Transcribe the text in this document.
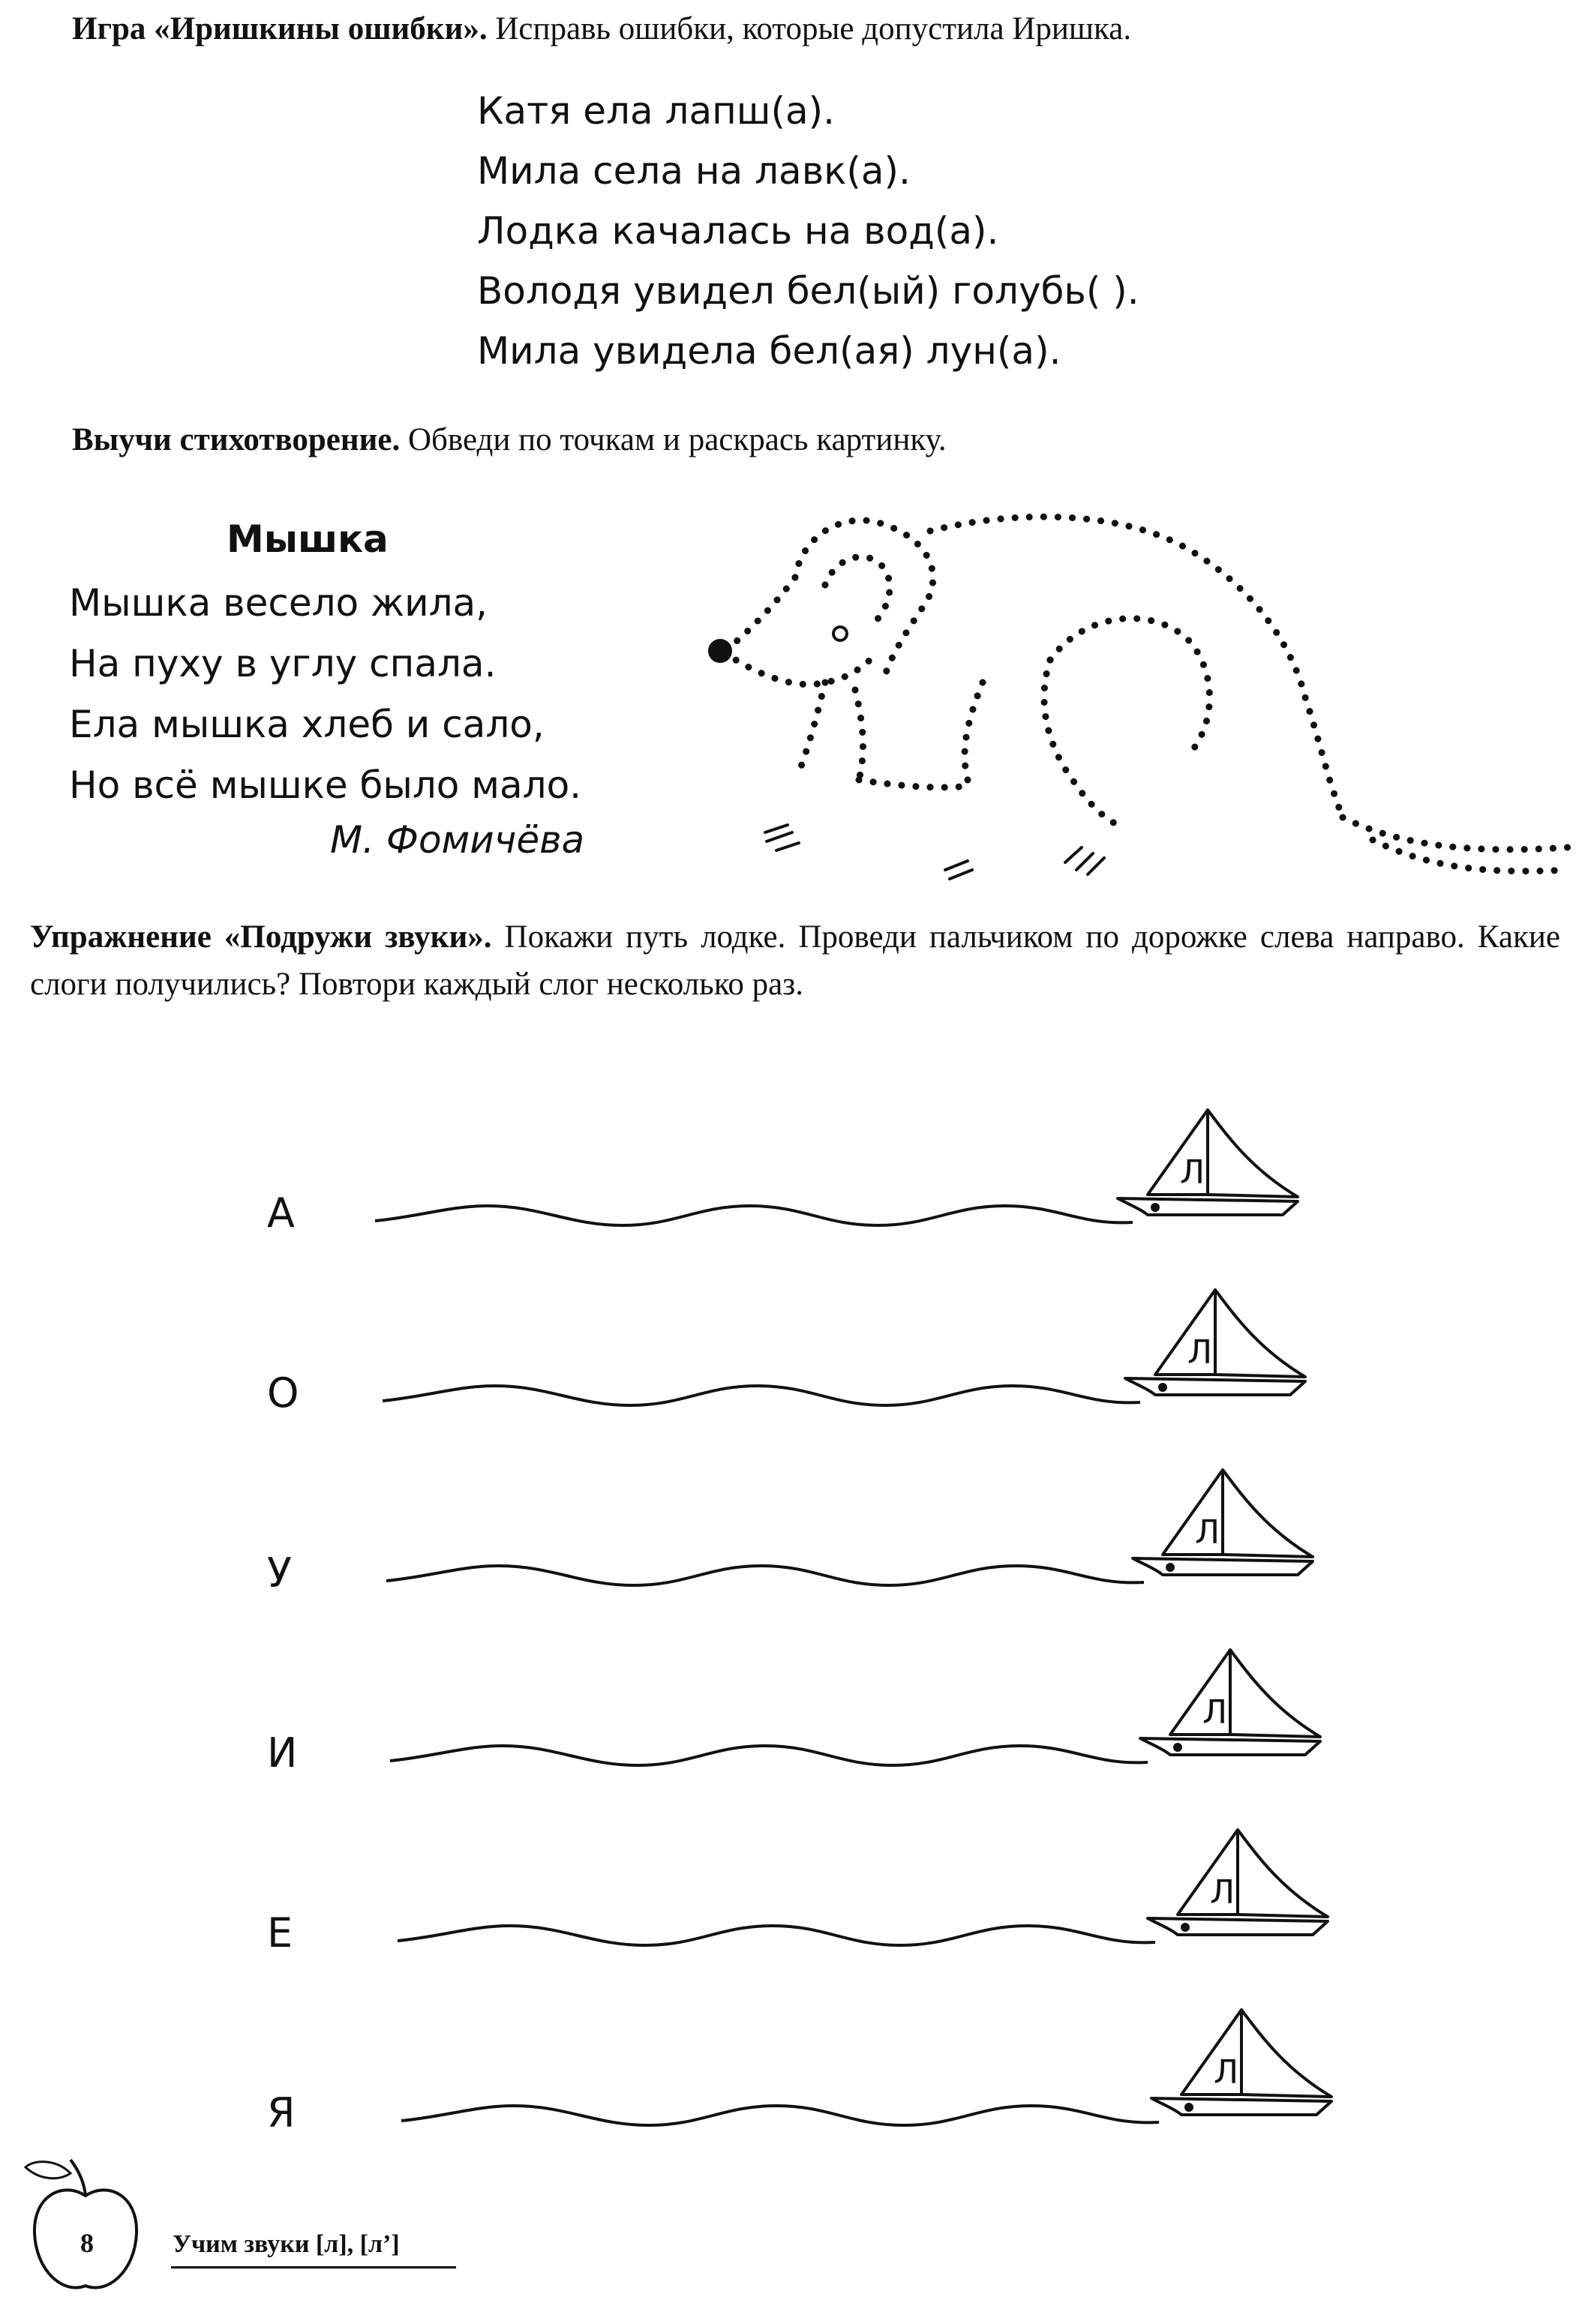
Игра «Иришкины ошибки». Исправь ошибки, которые допустила Иришка.
Катя ела лапш(а).
Мила села на лавк(а).
Лодка качалась на вод(а).
Володя увидел бел(ый) голубь( ).
Мила увидела бел(ая) лун(а).
Выучи стихотворение. Обведи по точкам и раскрась картинку.
Мышка
Мышка весело жила,
На пуху в углу спала.
Ела мышка хлеб и сало,
Но всё мышке было мало.
М. Фомичёва
Упражнение «Подружи звуки». Покажи путь лодке. Проведи пальчиком по дорожке слева направо. Какие слоги получились? Повтори каждый слог несколько раз.
А
Л
О
Л
У
Л
И
Л
Е
Л
Я
Л
8	Учим звуки [л], [л’]
